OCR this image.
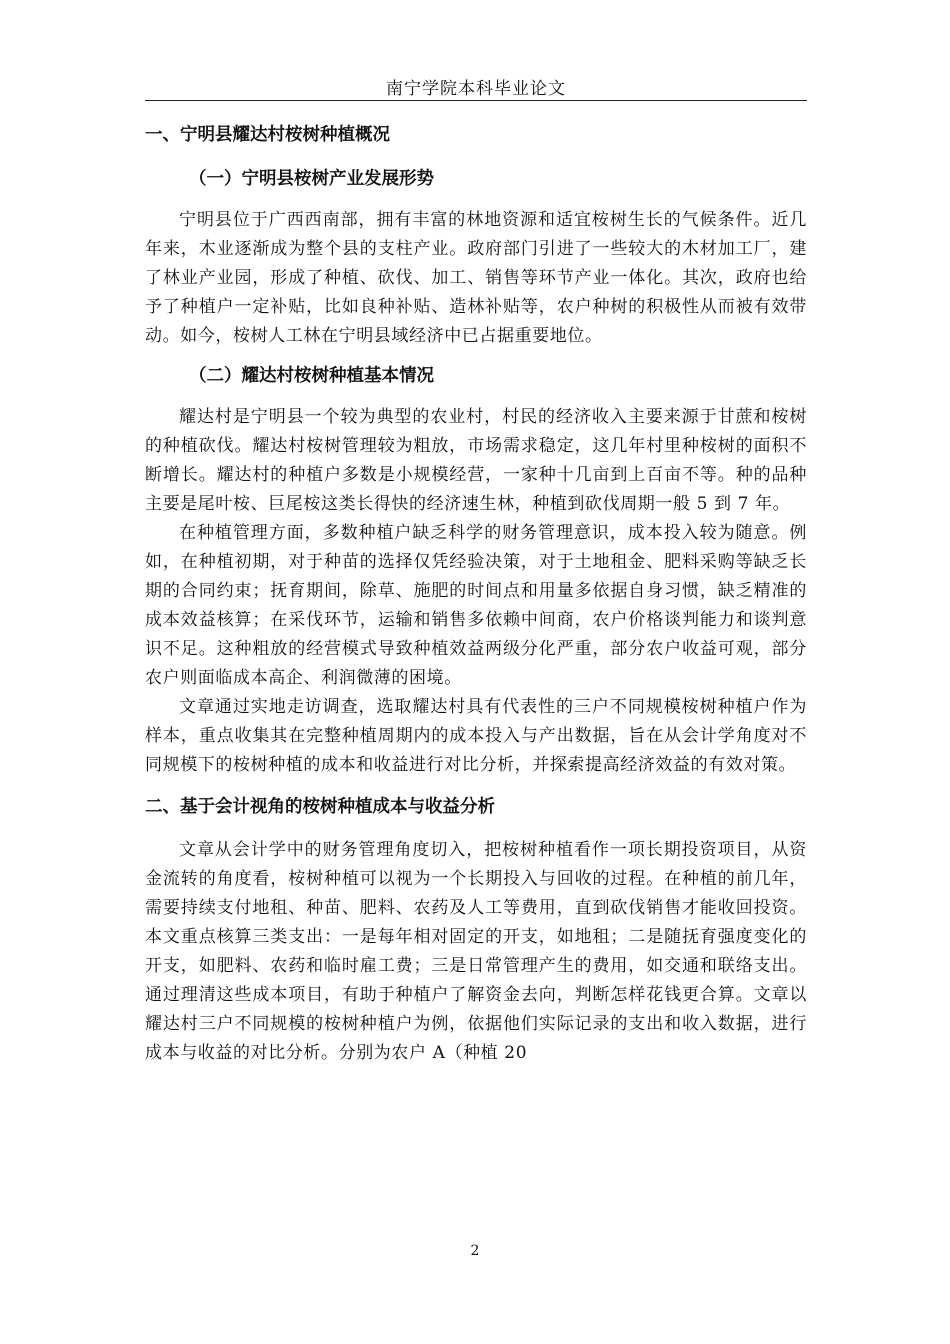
南宁学院本科毕业论文
一、宁明县耀达村桉树种植概况
（一）宁明县桉树产业发展形势

宁明县位于广西西南部，拥有丰富的林地资源和适宜桉树生长的气候条件。近几年来，木业逐渐成为整个县的支柱产业。政府部门引进了一些较大的木材加工厂，建了林业产业园，形成了种植、砍伐、加工、销售等环节产业一体化。其次，政府也给予了种植户一定补贴，比如良种补贴、造林补贴等，农户种树的积极性从而被有效带动。如今，桉树人工林在宁明县域经济中已占据重要地位。

（二）耀达村桉树种植基本情况

耀达村是宁明县一个较为典型的农业村，村民的经济收入主要来源于甘蔗和桉树的种植砍伐。耀达村桉树管理较为粗放，市场需求稳定，这几年村里种桉树的面积不断增长。耀达村的种植户多数是小规模经营，一家种十几亩到上百亩不等。种的品种主要是尾叶桉、巨尾桉这类长得快的经济速生林，种植到砍伐周期一般 5 到 7 年。

在种植管理方面，多数种植户缺乏科学的财务管理意识，成本投入较为随意。例如，在种植初期，对于种苗的选择仅凭经验决策，对于土地租金、肥料采购等缺乏长期的合同约束；抚育期间，除草、施肥的时间点和用量多依据自身习惯，缺乏精准的成本效益核算；在采伐环节，运输和销售多依赖中间商，农户价格谈判能力和谈判意识不足。这种粗放的经营模式导致种植效益两级分化严重，部分农户收益可观，部分农户则面临成本高企、利润微薄的困境。

文章通过实地走访调查，选取耀达村具有代表性的三户不同规模桉树种植户作为样本，重点收集其在完整种植周期内的成本投入与产出数据，旨在从会计学角度对不同规模下的桉树种植的成本和收益进行对比分析，并探索提高经济效益的有效对策。

二、基于会计视角的桉树种植成本与收益分析

文章从会计学中的财务管理角度切入，把桉树种植看作一项长期投资项目，从资金流转的角度看，桉树种植可以视为一个长期投入与回收的过程。在种植的前几年，需要持续支付地租、种苗、肥料、农药及人工等费用，直到砍伐销售才能收回投资。本文重点核算三类支出：一是每年相对固定的开支，如地租；二是随抚育强度变化的开支，如肥料、农药和临时雇工费；三是日常管理产生的费用，如交通和联络支出。通过理清这些成本项目，有助于种植户了解资金去向，判断怎样花钱更合算。文章以耀达村三户不同规模的桉树种植户为例，依据他们实际记录的支出和收入数据，进行成本与收益的对比分析。分别为农户 A（种植 20

2
